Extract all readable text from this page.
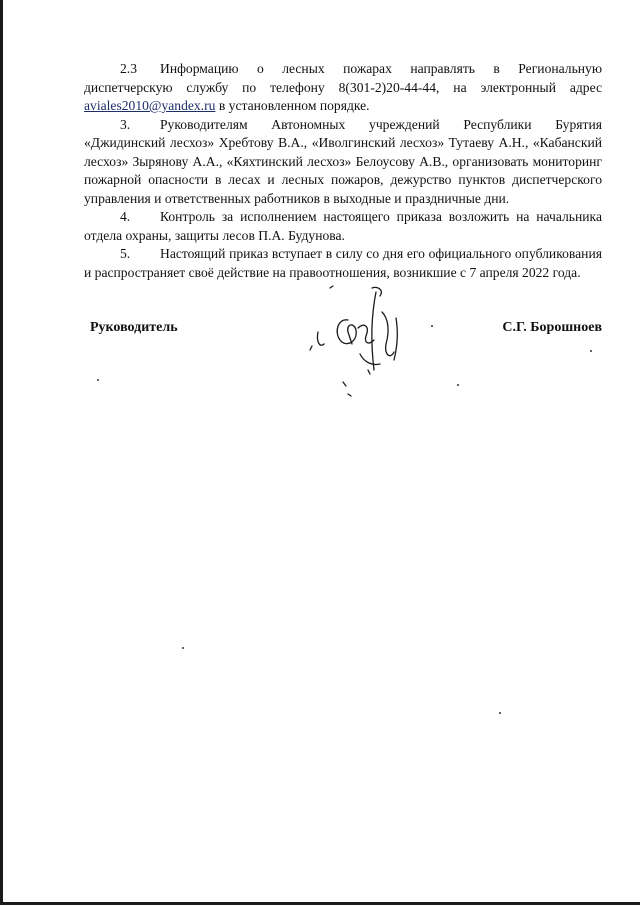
2.3 Информацию о лесных пожарах направлять в Региональную диспетчерскую службу по телефону 8(301-2)20-44-44, на электронный адрес aviales2010@yandex.ru в установленном порядке.

3. Руководителям Автономных учреждений Республики Бурятия «Джидинский лесхоз» Хребтову В.А., «Иволгинский лесхоз» Тутаеву А.Н., «Кабанский лесхоз» Зырянову А.А., «Кяхтинский лесхоз» Белоусову А.В., организовать мониторинг пожарной опасности в лесах и лесных пожаров, дежурство пунктов диспетчерского управления и ответственных работников в выходные и праздничные дни.

4. Контроль за исполнением настоящего приказа возложить на начальника отдела охраны, защиты лесов П.А. Будунова.

5. Настоящий приказ вступает в силу со дня его официального опубликования и распространяет своё действие на правоотношения, возникшие с 7 апреля 2022 года.

Руководитель	С.Г. Борошноев
